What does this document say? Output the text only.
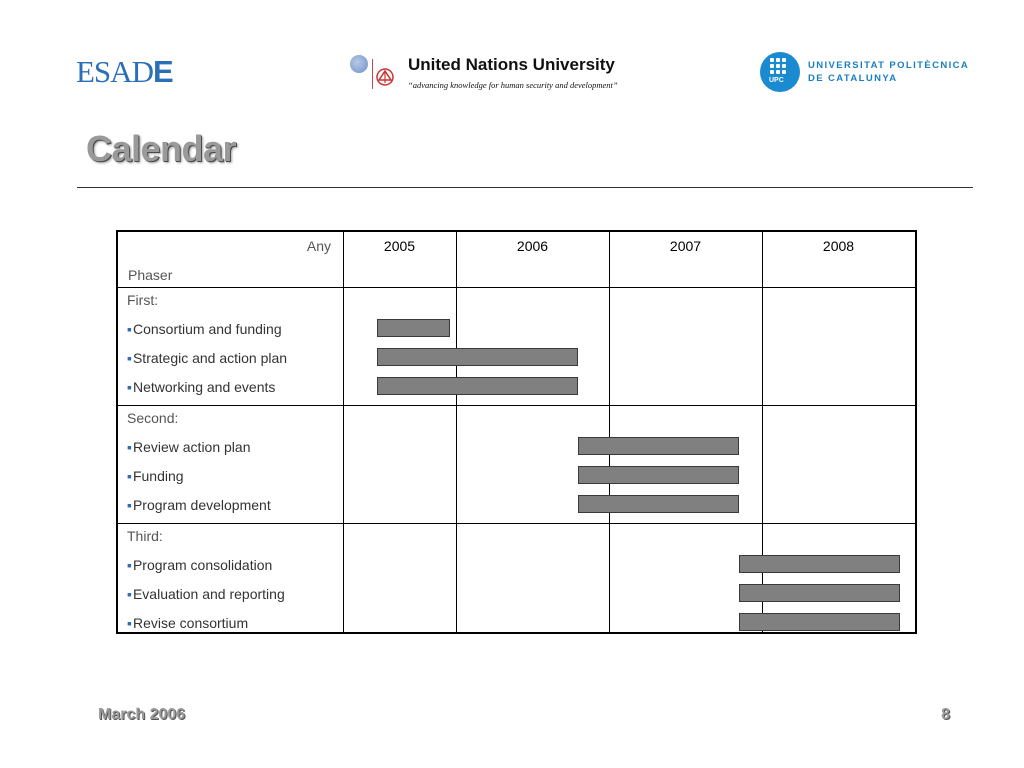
ESADE	United Nations University
“advancing knowledge for human security and development”	UPC
UNIVERSITAT POLITÈCNICA
DE CATALUNYA
Calendar
Any
Phaser
2005	2006	2007	2008
First:
▪ Consortium and funding
▪ Strategic and action plan
▪ Networking and events
Second:
▪ Review action plan
▪ Funding
▪ Program development
Third:
▪ Program consolidation
▪ Evaluation and reporting
▪ Revise consortium
March 2006	8
